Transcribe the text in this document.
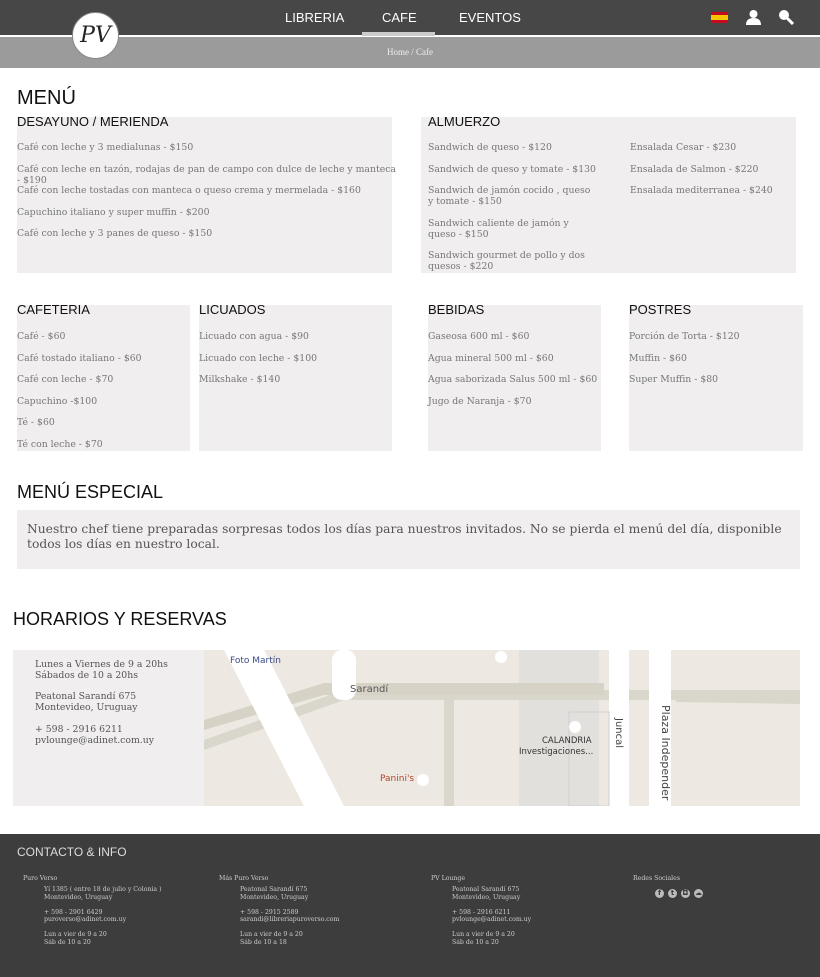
Home / Cafe
PV
LIBRERIA	CAFE	EVENTOS
MENÚ
DESAYUNO / MERIENDA	ALMUERZO
CAFETERIA	LICUADOS	BEBIDAS	POSTRES
MENÚ ESPECIAL
Nuestro chef tiene preparadas sorpresas todos los días para nuestros invitados. No se pierda el menú del día, disponible todos los días en nuestro local.
HORARIOS Y RESERVAS
Foto Martín
Sarandí
CALANDRIA
Investigaciones...
Juncal	Plaza Independer
Panini's
CONTACTO & INFO
Café con leche y 3 medialunas - $150
Café con leche en tazón, rodajas de pan de campo con dulce de leche y manteca - $190
Café con leche tostadas con manteca o queso crema y mermelada - $160
Capuchino italiano y super muffin - $200
Café con leche y 3 panes de queso - $150
Sandwich de queso - $120
Sandwich de queso y tomate - $130
Sandwich de jamón cocido , queso y tomate - $150
Sandwich caliente de jamón y queso - $150
Sandwich gourmet de pollo y dos quesos - $220
Ensalada Cesar - $230
Ensalada de Salmon - $220
Ensalada mediterranea - $240
Café - $60
Café tostado italiano - $60
Café con leche - $70
Capuchino -$100
Té - $60
Té con leche - $70
Licuado con agua - $90
Licuado con leche - $100
Milkshake - $140
Gaseosa 600 ml - $60
Agua mineral 500 ml - $60
Agua saborizada Salus 500 ml - $60
Jugo de Naranja - $70
Porción de Torta - $120
Muffin - $60
Super Muffin - $80
Lunes a Viernes de 9 a 20hs
Sábados de 10 a 20hs
Peatonal Sarandí 675
Montevideo, Uruguay
+ 598 - 2916 6211
pvlounge@adinet.com.uy
Puro Verso
Yí 1385 ( entre 18 de julio y Colonia )
Montevideo, Uruguay
+ 598 - 2901 6429
puroverso@adinet.com.uy
Lun a vier de 9 a 20
Sáb de 10 a 20
Más Puro Verso
Peatonal Sarandí 675
Montevideo, Uruguay
+ 598 - 2915 2589
sarandi@libreriapuroverso.com
Lun a vier de 9 a 20
Sáb de 10 a 18
PV Lounge
Peatonal Sarandí 675
Montevideo, Uruguay
+ 598 - 2916 6211
pvlounge@adinet.com.uy
Lun a vier de 9 a 20
Sáb de 10 a 20
Redes Sociales
f	t	◘ ☁
